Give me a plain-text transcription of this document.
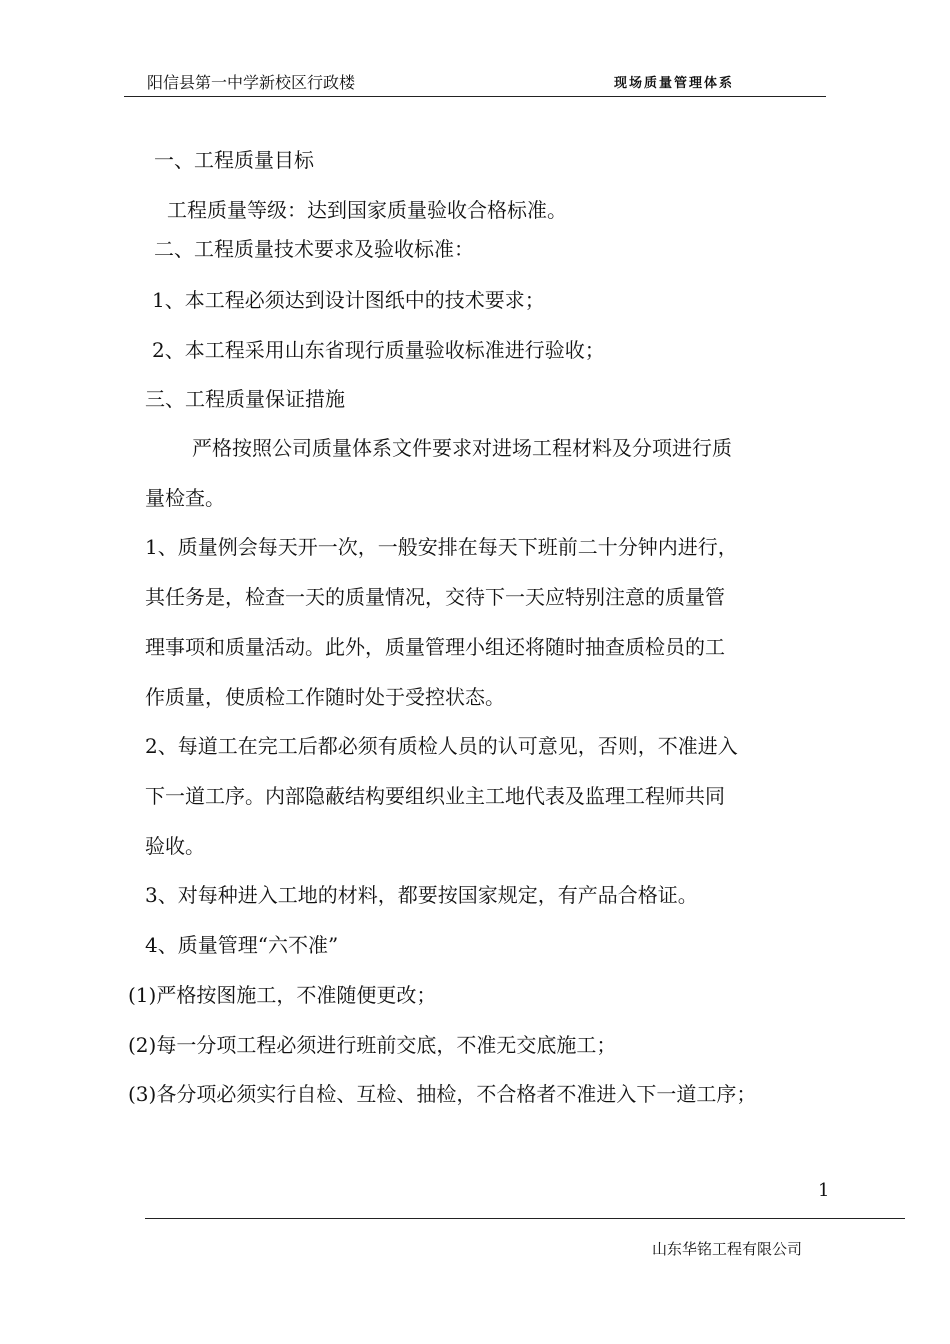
阳信县第一中学新校区行政楼	现场质量管理体系
一、工程质量目标
工程质量等级：达到国家质量验收合格标准。
二、工程质量技术要求及验收标准：
1、本工程必须达到设计图纸中的技术要求；
2、本工程采用山东省现行质量验收标准进行验收；
三、工程质量保证措施
严格按照公司质量体系文件要求对进场工程材料及分项进行质
量检查。
1、质量例会每天开一次，一般安排在每天下班前二十分钟内进行，
其任务是，检查一天的质量情况，交待下一天应特别注意的质量管
理事项和质量活动。此外，质量管理小组还将随时抽查质检员的工
作质量，使质检工作随时处于受控状态。
2、每道工在完工后都必须有质检人员的认可意见，否则，不准进入
下一道工序。内部隐蔽结构要组织业主工地代表及监理工程师共同
验收。
3、对每种进入工地的材料，都要按国家规定，有产品合格证。
4、质量管理“六不准”
(1)严格按图施工，不准随便更改；
(2)每一分项工程必须进行班前交底，不准无交底施工；
(3)各分项必须实行自检、互检、抽检，不合格者不准进入下一道工序；
1
山东华铭工程有限公司
